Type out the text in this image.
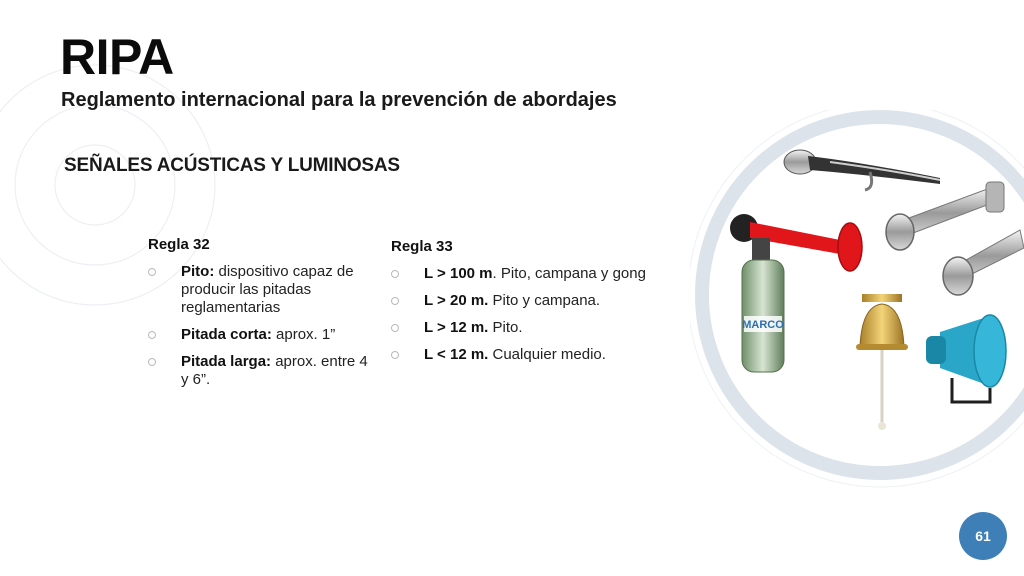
RIPA
Reglamento internacional para la prevención de abordajes
SEÑALES ACÚSTICAS Y LUMINOSAS

Regla 32

Pito: dispositivo capaz de producir las pitadas reglamentarias
Pitada corta: aprox. 1”
Pitada larga: aprox. entre 4 y 6”.

Regla 33

L > 100 m. Pito, campana y gong
L > 20 m. Pito y campana.
L > 12 m. Pito.
L < 12 m. Cualquier medio.
MARCO
61
